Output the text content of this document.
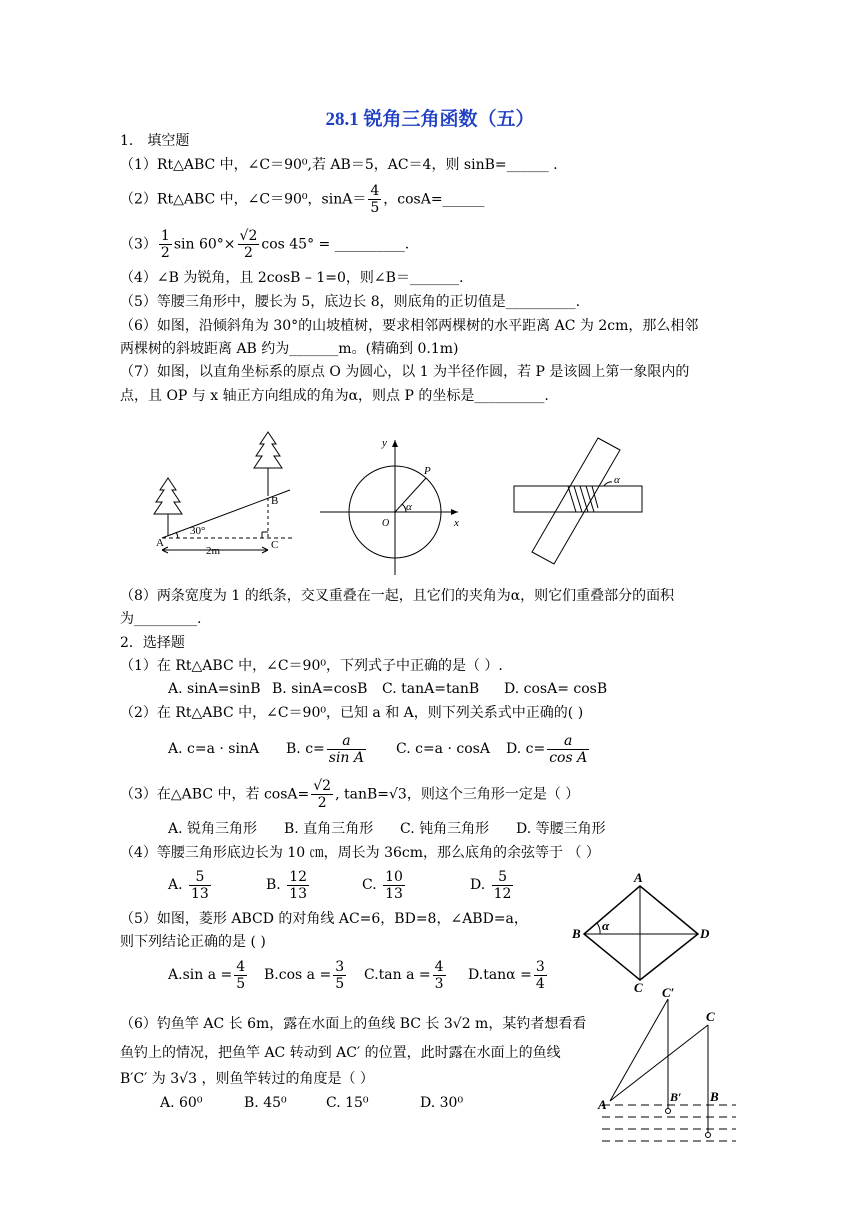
28.1 锐角三角函数（五）
1． 填空题
（1）Rt△ABC 中，∠C＝90⁰,若 AB＝5，AC＝4，则 sinB=______ .
（2）Rt△ABC 中，∠C＝90⁰，$\sin A= \frac{4}{5}$ ，cosA=______
$(3) \frac{1}{2}$ $\sin 60^\circ\times \frac{√2}{2}$ cos 45° = __________.
（4）∠B 为锐角，且 2cosB – 1=0，则∠B＝_______.
（5）等腰三角形中，腰长为 5，底边长 8，则底角的正切值是__________.
（6）如图，沿倾斜角为 30°的山坡植树，要求相邻两棵树的水平距离 AC 为 2cm，那么相邻
两棵树的斜坡距离 AB 约为_______m。(精确到 0.1m)
（7）如图，以直角坐标系的原点 O 为圆心，以 1 为半径作圆，若 P 是该圆上第一象限内的
点，且 OP 与 x 轴正方向组成的角为α，则点 P 的坐标是__________.
A
B
C
30°
2m
y
x
O
P
α
α
（8）两条宽度为 1 的纸条，交叉重叠在一起，且它们的夹角为α，则它们重叠部分的面积
为_________.
2．选择题
（1）在 Rt△ABC 中，∠C＝90⁰，下列式子中正确的是（ ）.
A. sinA=sinB B. sinA=cosB C. tanA=tanB D. cosA= cosB
（2）在 Rt△ABC 中，∠C＝90⁰，已知 a 和 A，则下列关系式中正确的( )
A. c=a · sinA B. $c= \frac{a}{\text{sin A}} C$. c=a · cosA D. $c= \frac{a}{\text{cos A}}$
（3）在△ABC 中，若 $\cos A= \frac{√2}{2}$ , tanB=√3，则这个三角形一定是（ ）
A. 锐角三角形 B. 直角三角形 C. 钝角三角形 D. 等腰三角形
（4）等腰三角形底边长为 10 ㎝，周长为 36cm，那么底角的余弦等于 （ ）
A. $\frac{5}{13}$	B. $\frac{12}{13}$	C. $\frac{10}{13}$	D. $\frac{5}{12}$
（5）如图，菱形 ABCD 的对角线 AC=6，BD=8，∠ABD=a，
则下列结论正确的是 ( )
A.sin $a = \frac{4}{5} B.\cos$ $a = \frac{3}{5} C.\tan$ $a = \frac{4}{3} D.\tan\alpha = \frac{3}{4}$
A
B
C
D
α
（6）钓鱼竿 AC 长 6m，露在水面上的鱼线 BC 长 3√2 m，某钓者想看看
鱼钓上的情况，把鱼竿 AC 转动到 AC′ 的位置，此时露在水面上的鱼线
B′C′ 为 3√3 ，则鱼竿转过的角度是（ ）
A. 60⁰	B. 45⁰	C. 15⁰	D. 30⁰
C′
C
A	B′ B
